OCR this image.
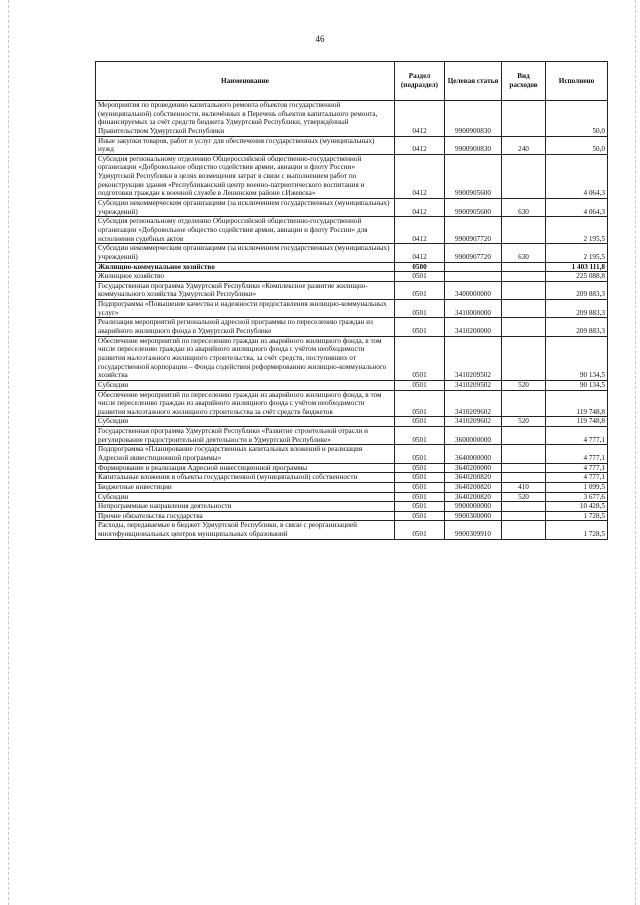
46
Наименование	Раздел (подраздел)	Целевая статья	Вид расходов	Исполнено
Мероприятия по проведению капитального ремонта объектов государственной (муниципальной) собственности, включённых в Перечень объектов капитального ремонта, финансируемых за счёт средств бюджета Удмуртской Республики, утверждённый Правительством Удмуртской Республики	0412	9900900830		50,0
Иные закупки товаров, работ и услуг для обеспечения государственных (муниципальных) нужд	0412	9900900830	240	50,0
Субсидия региональному отделению Общероссийской общественно-государственной организации «Добровольное общество содействия армии, авиации и флоту России» Удмуртской Республики в целях возмещения затрат в связи с выполнением работ по реконструкции здания «Республиканский центр военно-патриотического воспитания и подготовки граждан к военной службе в Ленинском районе г.Ижевска»	0412	9900905600		4 064,3
Субсидии некоммерческим организациям (за исключением государственных (муниципальных) учреждений)	0412	9900905600	630	4 064,3
Субсидия региональному отделению Общероссийской общественно-государственной организации «Добровольное общество содействия армии, авиации и флоту России» для исполнения судебных актов	0412	9900907720		2 195,5
Субсидии некоммерческим организациям (за исключением государственных (муниципальных) учреждений)	0412	9900907720	630	2 195,5
Жилищно-коммунальное хозяйство	0500			1 403 111,8
Жилищное хозяйство	0501			225 088,8
Государственная программа Удмуртской Республики «Комплексное развитие жилищно-коммунального хозяйства Удмуртской Республики»	0501	3400000000		209 883,3
Подпрограмма «Повышение качества и надежности предоставления жилищно-коммунальных услуг»	0501	3410000000		209 883,3
Реализация мероприятий региональной адресной программы по переселению граждан из аварийного жилищного фонда в Удмуртской Республике	0501	3410200000		209 883,3
Обеспечение мероприятий по переселению граждан из аварийного жилищного фонда, в том числе переселению граждан из аварийного жилищного фонда с учётом необходимости развития малоэтажного жилищного строительства, за счёт средств, поступивших от государственной корпорации – Фонда содействия реформированию жилищно-коммунального хозяйства	0501	3410209502		90 134,5
Субсидии	0501	3410209502	520	90 134,5
Обеспечение мероприятий по переселению граждан из аварийного жилищного фонда, в том числе переселению граждан из аварийного жилищного фонда с учётом необходимости развития малоэтажного жилищного строительства за счёт средств бюджетов	0501	3410209602		119 748,8
Субсидии	0501	3410209602	520	119 748,8
Государственная программа Удмуртской Республики «Развитие строительной отрасли и регулирование градостроительной деятельности в Удмуртской Республике»	0501	3600000000		4 777,1
Подпрограмма «Планирование государственных капитальных вложений и реализация Адресной инвестиционной программы»	0501	3640000000		4 777,1
Формирование и реализация Адресной инвестиционной программы	0501	3640200000		4 777,1
Капитальные вложения в объекты государственной (муниципальной) собственности	0501	3640200820		4 777,1
Бюджетные инвестиции	0501	3640200820	410	1 099,5
Субсидии	0501	3640200820	520	3 677,6
Непрограммные направления деятельности	0501	9900000000		10 428,5
Прочие обязательства государства	0501	9900300000		1 728,5
Расходы, передаваемые в бюджет Удмуртской Республики, в связи с реорганизацией многофункциональных центров муниципальных образований	0501	9900309910		1 728,5
